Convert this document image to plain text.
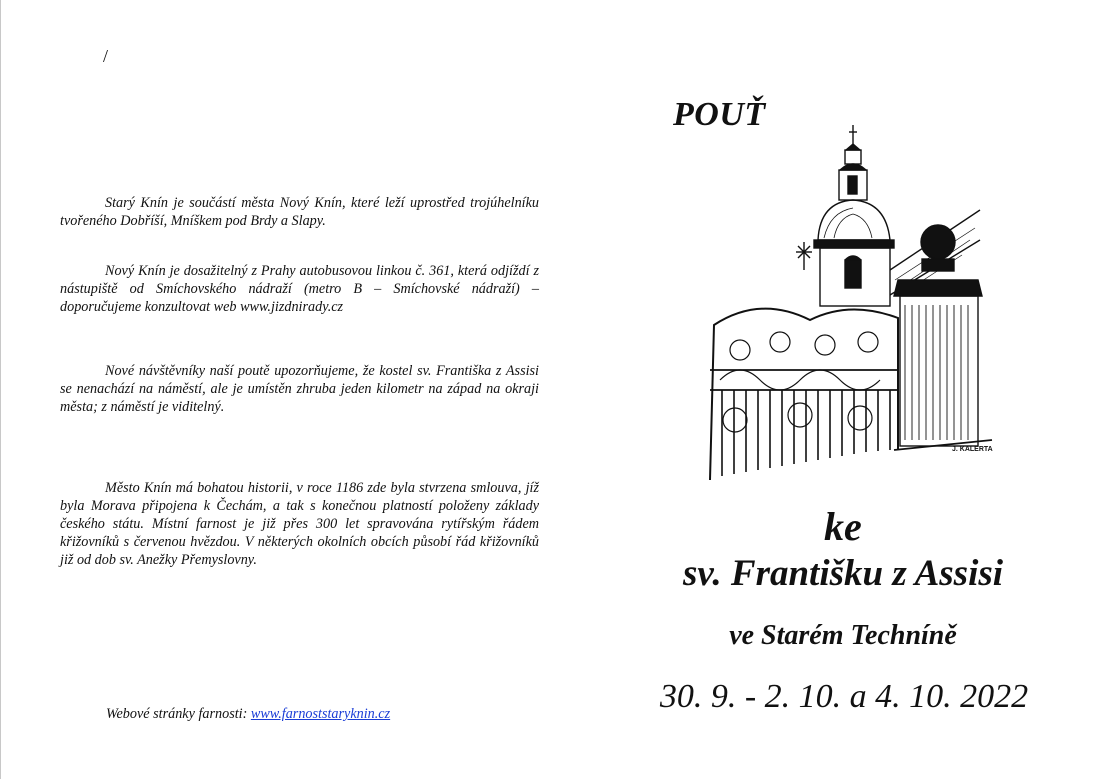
/

Starý Knín je součástí města Nový Knín, které leží uprostřed trojúhelníku tvořeného Dobříší, Mníškem pod Brdy a Slapy.

Nový Knín je dosažitelný z Prahy autobusovou linkou č. 361, která odjíždí z nástupiště od Smíchovského nádraží (metro B – Smíchovské nádraží) – doporučujeme konzultovat web www.jizdnirady.cz

Nové návštěvníky naší poutě upozorňujeme, že kostel sv. Františka z Assisi se nenachází na náměstí, ale je umístěn zhruba jeden kilometr na západ na okraji města; z náměstí je viditelný.

Město Knín má bohatou historii, v roce 1186 zde byla stvrzena smlouva, jíž byla Morava připojena k Čechám, a tak s konečnou platností položeny základy českého státu. Místní farnost je již přes 300 let spravována rytířským řádem křižovníků s červenou hvězdou. V některých okolních obcích působí řád křižovníků již od dob sv. Anežky Přemyslovny.

Webové stránky farnosti: www.farnoststaryknin.cz
POUŤ
J. KALERTA
ke
sv. Františku z Assisi
ve Starém Techníně
30. 9. - 2. 10. a 4. 10. 2022
